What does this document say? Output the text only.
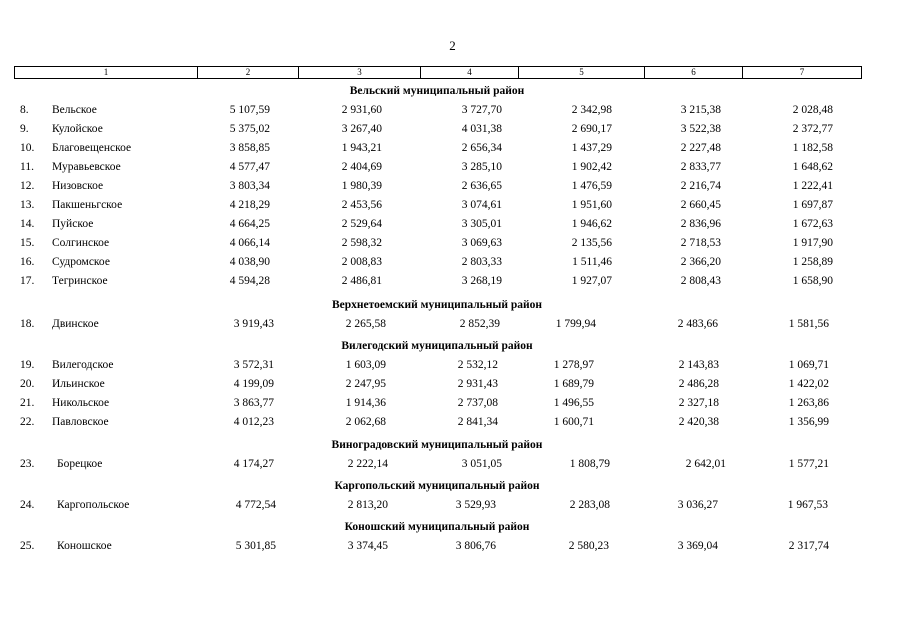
2
1	2	3	4	5	6	7
Вельский муниципальный район
8. Вельское	5 107,59	2 931,60	3 727,70	2 342,98	3 215,38	2 028,48
9. Кулойское	5 375,02	3 267,40	4 031,38	2 690,17	3 522,38	2 372,77
10. Благовещенское	3 858,85	1 943,21	2 656,34	1 437,29	2 227,48	1 182,58
11. Муравьевское	4 577,47	2 404,69	3 285,10	1 902,42	2 833,77	1 648,62
12. Низовское	3 803,34	1 980,39	2 636,65	1 476,59	2 216,74	1 222,41
13. Пакшеньгское	4 218,29	2 453,56	3 074,61	1 951,60	2 660,45	1 697,87
14. Пуйское	4 664,25	2 529,64	3 305,01	1 946,62	2 836,96	1 672,63
15. Солгинское	4 066,14	2 598,32	3 069,63	2 135,56	2 718,53	1 917,90
16. Судромское	4 038,90	2 008,83	2 803,33	1 511,46	2 366,20	1 258,89
17. Тегринское	4 594,28	2 486,81	3 268,19	1 927,07	2 808,43	1 658,90
Верхнетоемский муниципальный район
18. Двинское	3 919,43	2 265,58	2 852,39	1 799,94	2 483,66	1 581,56
Вилегодский муниципальный район
19. Вилегодское	3 572,31	1 603,09	2 532,12	1 278,97	2 143,83	1 069,71
20. Ильинское	4 199,09	2 247,95	2 931,43	1 689,79	2 486,28	1 422,02
21. Никольское	3 863,77	1 914,36	2 737,08	1 496,55	2 327,18	1 263,86
22. Павловское	4 012,23	2 062,68	2 841,34	1 600,71	2 420,38	1 356,99
Виноградовский муниципальный район
23. Борецкое	4 174,27	2 222,14	3 051,05	1 808,79	2 642,01	1 577,21
Каргопольский муниципальный район
24. Каргопольское	4 772,54	2 813,20	3 529,93	2 283,08	3 036,27	1 967,53
Коношский муниципальный район
25. Коношское	5 301,85	3 374,45	3 806,76	2 580,23	3 369,04	2 317,74
